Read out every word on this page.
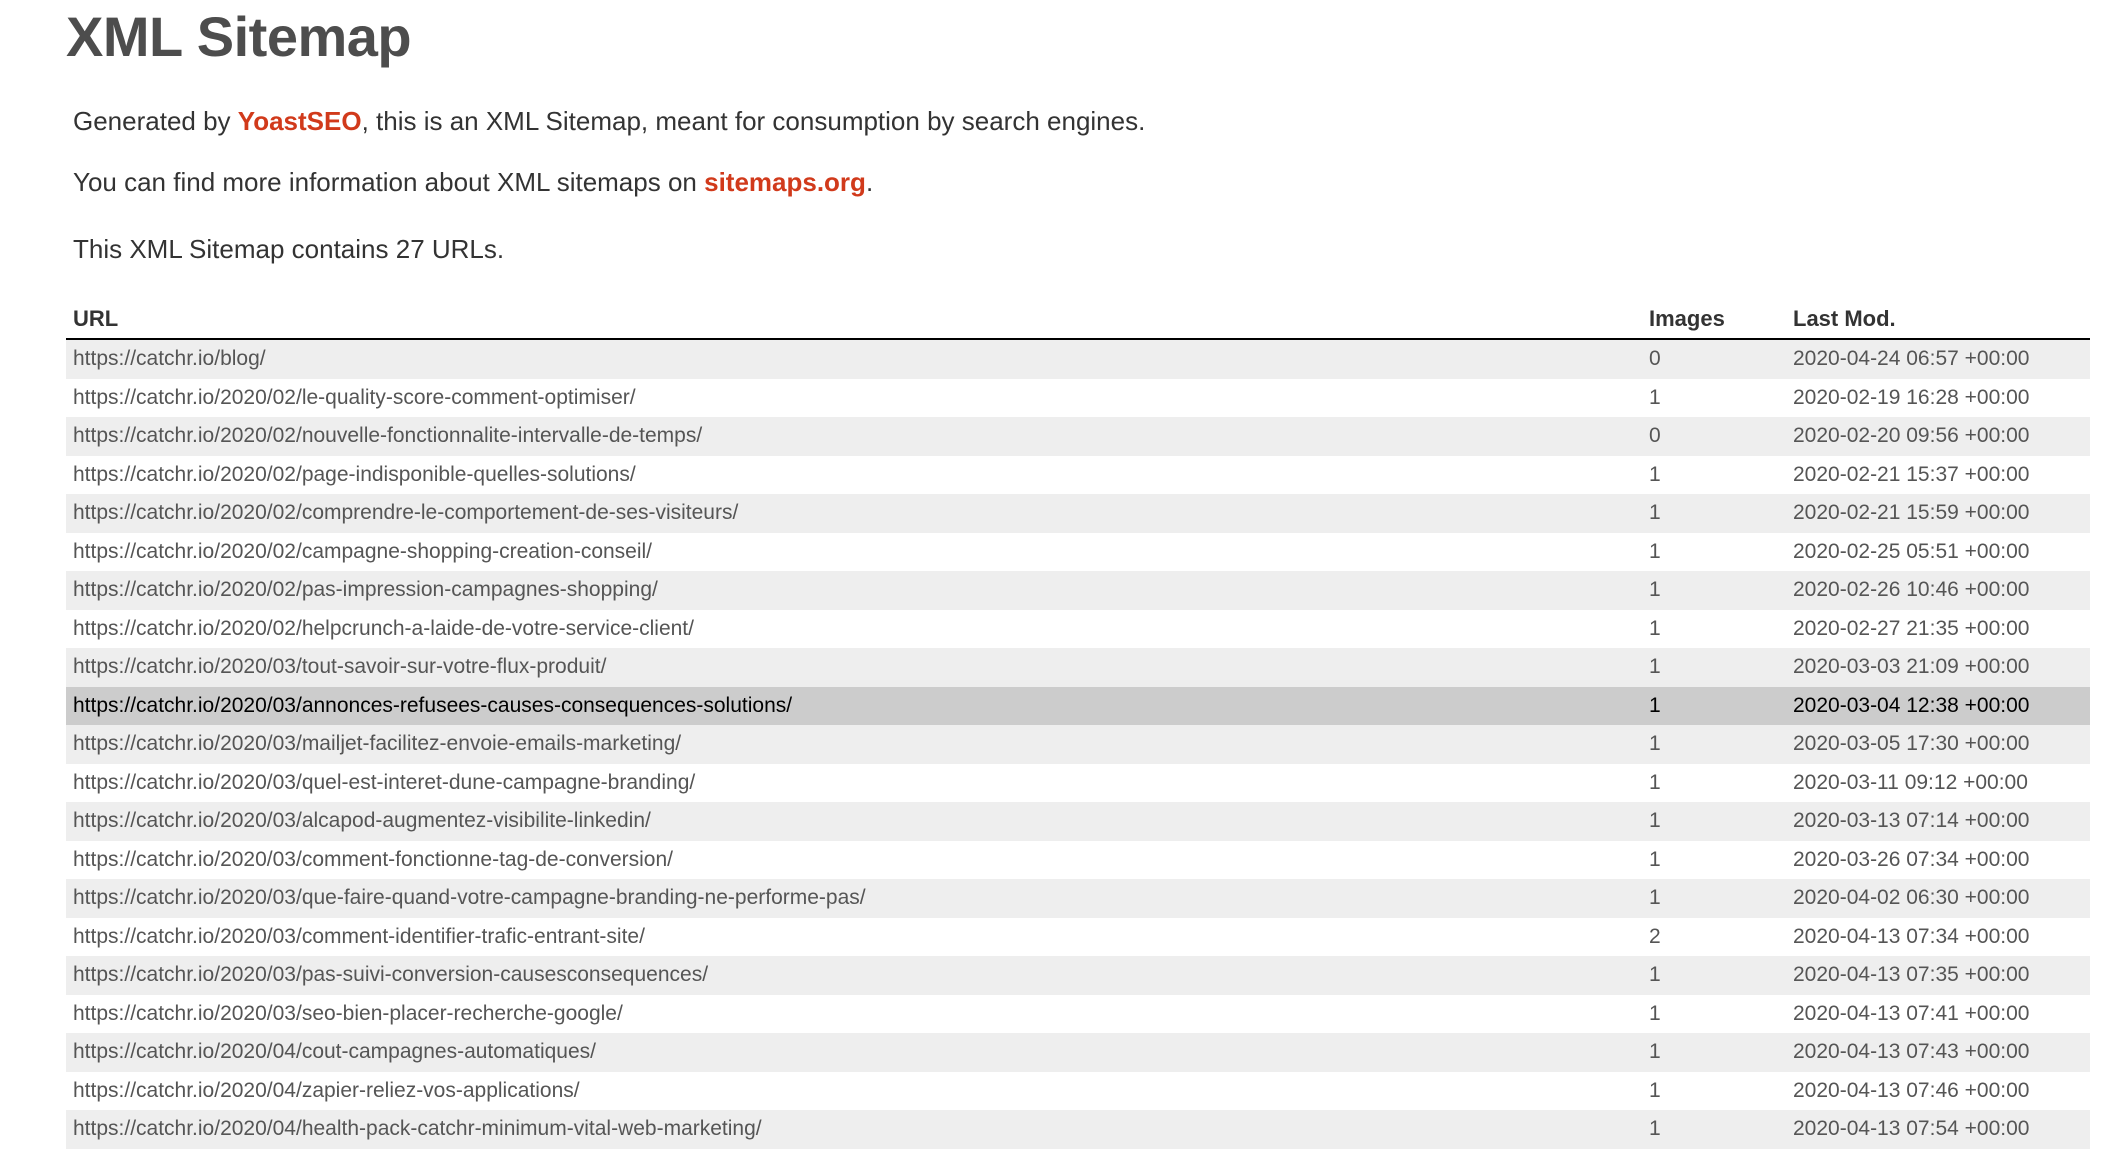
XML Sitemap

Generated by YoastSEO, this is an XML Sitemap, meant for consumption by search engines.

You can find more information about XML sitemaps on sitemaps.org.

This XML Sitemap contains 27 URLs.

URL	Images	Last Mod.
https://catchr.io/blog/	0	2020-04-24 06:57 +00:00
https://catchr.io/2020/02/le-quality-score-comment-optimiser/	1	2020-02-19 16:28 +00:00
https://catchr.io/2020/02/nouvelle-fonctionnalite-intervalle-de-temps/	0	2020-02-20 09:56 +00:00
https://catchr.io/2020/02/page-indisponible-quelles-solutions/	1	2020-02-21 15:37 +00:00
https://catchr.io/2020/02/comprendre-le-comportement-de-ses-visiteurs/	1	2020-02-21 15:59 +00:00
https://catchr.io/2020/02/campagne-shopping-creation-conseil/	1	2020-02-25 05:51 +00:00
https://catchr.io/2020/02/pas-impression-campagnes-shopping/	1	2020-02-26 10:46 +00:00
https://catchr.io/2020/02/helpcrunch-a-laide-de-votre-service-client/	1	2020-02-27 21:35 +00:00
https://catchr.io/2020/03/tout-savoir-sur-votre-flux-produit/	1	2020-03-03 21:09 +00:00
https://catchr.io/2020/03/annonces-refusees-causes-consequences-solutions/	1	2020-03-04 12:38 +00:00
https://catchr.io/2020/03/mailjet-facilitez-envoie-emails-marketing/	1	2020-03-05 17:30 +00:00
https://catchr.io/2020/03/quel-est-interet-dune-campagne-branding/	1	2020-03-11 09:12 +00:00
https://catchr.io/2020/03/alcapod-augmentez-visibilite-linkedin/	1	2020-03-13 07:14 +00:00
https://catchr.io/2020/03/comment-fonctionne-tag-de-conversion/	1	2020-03-26 07:34 +00:00
https://catchr.io/2020/03/que-faire-quand-votre-campagne-branding-ne-performe-pas/	1	2020-04-02 06:30 +00:00
https://catchr.io/2020/03/comment-identifier-trafic-entrant-site/	2	2020-04-13 07:34 +00:00
https://catchr.io/2020/03/pas-suivi-conversion-causesconsequences/	1	2020-04-13 07:35 +00:00
https://catchr.io/2020/03/seo-bien-placer-recherche-google/	1	2020-04-13 07:41 +00:00
https://catchr.io/2020/04/cout-campagnes-automatiques/	1	2020-04-13 07:43 +00:00
https://catchr.io/2020/04/zapier-reliez-vos-applications/	1	2020-04-13 07:46 +00:00
https://catchr.io/2020/04/health-pack-catchr-minimum-vital-web-marketing/	1	2020-04-13 07:54 +00:00
